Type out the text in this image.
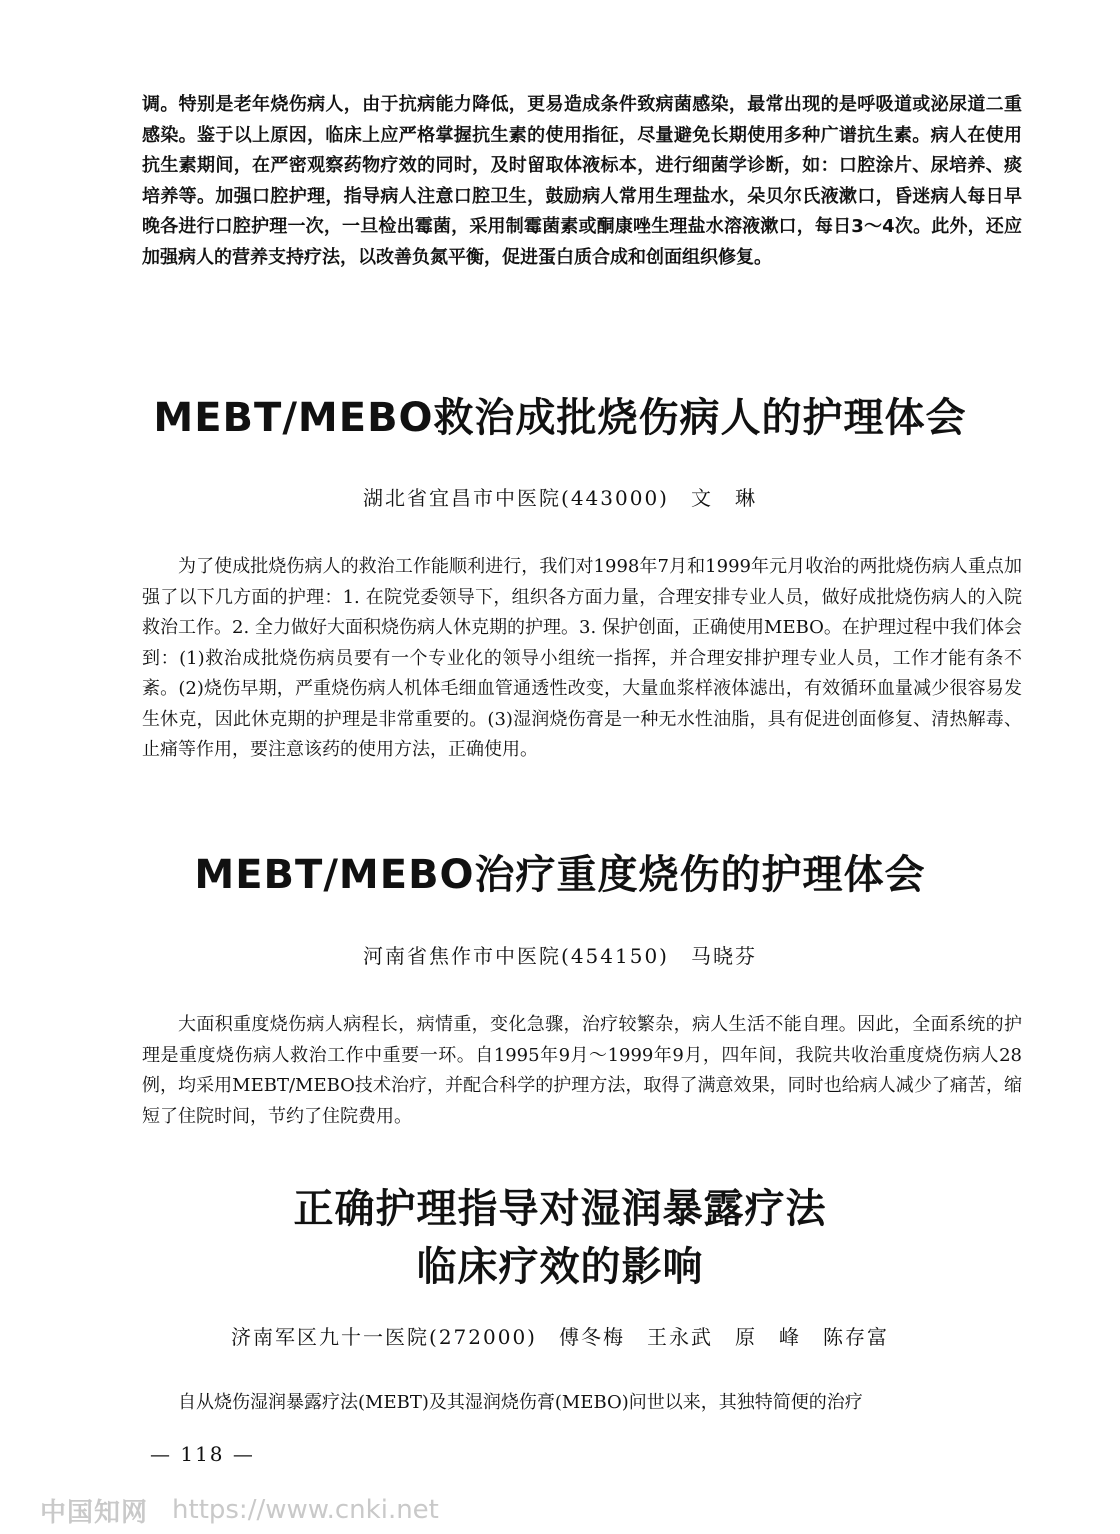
调。特别是老年烧伤病人，由于抗病能力降低，更易造成条件致病菌感染，最常出现的是呼吸道或泌尿道二重感染。鉴于以上原因，临床上应严格掌握抗生素的使用指征，尽量避免长期使用多种广谱抗生素。病人在使用抗生素期间，在严密观察药物疗效的同时，及时留取体液标本，进行细菌学诊断，如：口腔涂片、尿培养、痰培养等。加强口腔护理，指导病人注意口腔卫生，鼓励病人常用生理盐水，朵贝尔氏液漱口，昏迷病人每日早晚各进行口腔护理一次，一旦检出霉菌，采用制霉菌素或酮康唑生理盐水溶液漱口，每日3～4次。此外，还应加强病人的营养支持疗法，以改善负氮平衡，促进蛋白质合成和创面组织修复。

MEBT/MEBO救治成批烧伤病人的护理体会
湖北省宜昌市中医院(443000)　文　琳

为了使成批烧伤病人的救治工作能顺利进行，我们对1998年7月和1999年元月收治的两批烧伤病人重点加强了以下几方面的护理：1. 在院党委领导下，组织各方面力量，合理安排专业人员，做好成批烧伤病人的入院救治工作。2. 全力做好大面积烧伤病人休克期的护理。3. 保护创面，正确使用MEBO。在护理过程中我们体会到：(1)救治成批烧伤病员要有一个专业化的领导小组统一指挥，并合理安排护理专业人员，工作才能有条不紊。(2)烧伤早期，严重烧伤病人机体毛细血管通透性改变，大量血浆样液体滤出，有效循环血量减少很容易发生休克，因此休克期的护理是非常重要的。(3)湿润烧伤膏是一种无水性油脂，具有促进创面修复、清热解毒、止痛等作用，要注意该药的使用方法，正确使用。

MEBT/MEBO治疗重度烧伤的护理体会
河南省焦作市中医院(454150)　马晓芬

大面积重度烧伤病人病程长，病情重，变化急骤，治疗较繁杂，病人生活不能自理。因此，全面系统的护理是重度烧伤病人救治工作中重要一环。自1995年9月～1999年9月，四年间，我院共收治重度烧伤病人28例，均采用MEBT/MEBO技术治疗，并配合科学的护理方法，取得了满意效果，同时也给病人减少了痛苦，缩短了住院时间，节约了住院费用。

正确护理指导对湿润暴露疗法
临床疗效的影响
济南军区九十一医院(272000)　傅冬梅　王永武　原　峰　陈存富

自从烧伤湿润暴露疗法(MEBT)及其湿润烧伤膏(MEBO)问世以来，其独特简便的治疗

— 118 —
中国知网 https://www.cnki.net
